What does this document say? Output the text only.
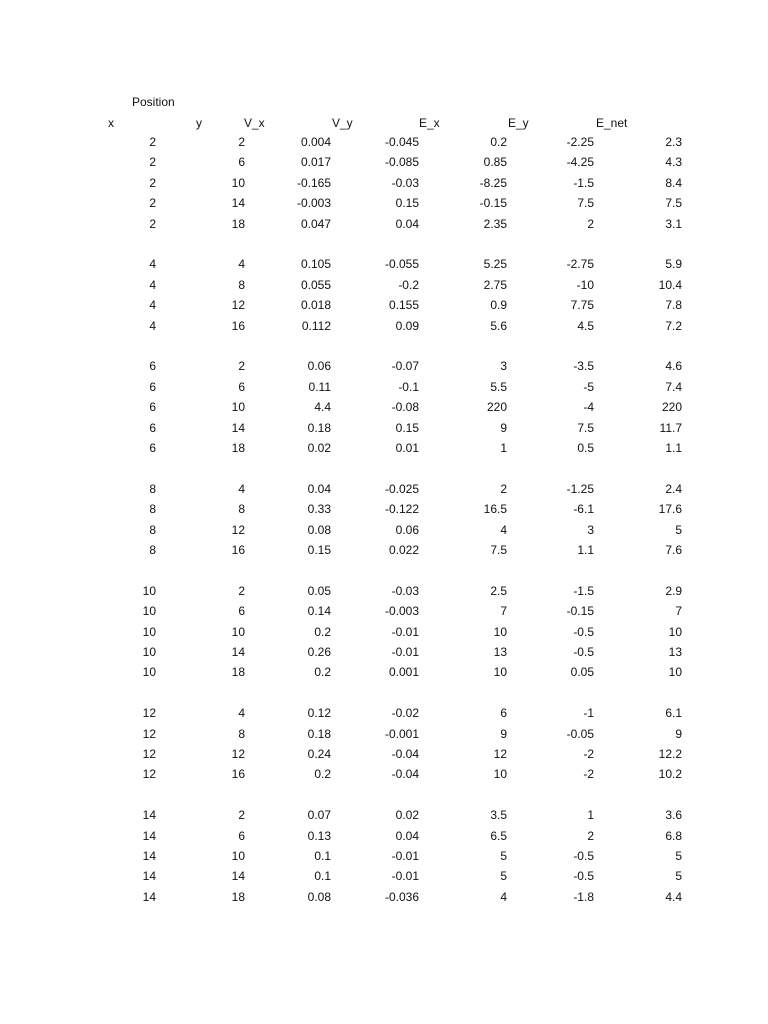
Position
x	y	V_x	V_y	E_x	E_y	E_net
2	2	0.004	-0.045	0.2	-2.25	2.3
2	6	0.017	-0.085	0.85	-4.25	4.3
2	10	-0.165	-0.03	-8.25	-1.5	8.4
2	14	-0.003	0.15	-0.15	7.5	7.5
2	18	0.047	0.04	2.35	2	3.1
4	4	0.105	-0.055	5.25	-2.75	5.9
4	8	0.055	-0.2	2.75	-10	10.4
4	12	0.018	0.155	0.9	7.75	7.8
4	16	0.112	0.09	5.6	4.5	7.2
6	2	0.06	-0.07	3	-3.5	4.6
6	6	0.11	-0.1	5.5	-5	7.4
6	10	4.4	-0.08	220	-4	220
6	14	0.18	0.15	9	7.5	11.7
6	18	0.02	0.01	1	0.5	1.1
8	4	0.04	-0.025	2	-1.25	2.4
8	8	0.33	-0.122	16.5	-6.1	17.6
8	12	0.08	0.06	4	3	5
8	16	0.15	0.022	7.5	1.1	7.6
10	2	0.05	-0.03	2.5	-1.5	2.9
10	6	0.14	-0.003	7	-0.15	7
10	10	0.2	-0.01	10	-0.5	10
10	14	0.26	-0.01	13	-0.5	13
10	18	0.2	0.001	10	0.05	10
12	4	0.12	-0.02	6	-1	6.1
12	8	0.18	-0.001	9	-0.05	9
12	12	0.24	-0.04	12	-2	12.2
12	16	0.2	-0.04	10	-2	10.2
14	2	0.07	0.02	3.5	1	3.6
14	6	0.13	0.04	6.5	2	6.8
14	10	0.1	-0.01	5	-0.5	5
14	14	0.1	-0.01	5	-0.5	5
14	18	0.08	-0.036	4	-1.8	4.4
